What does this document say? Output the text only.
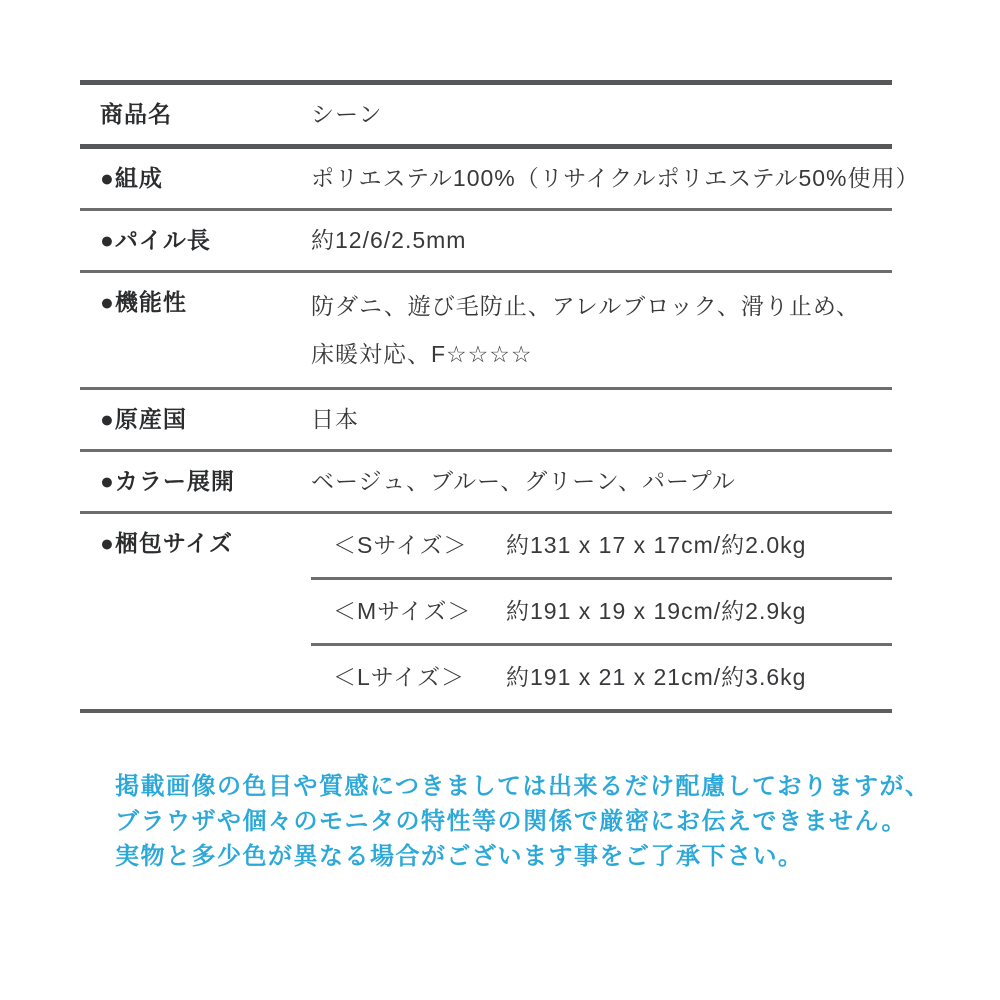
商品名	シーン
●組成	ポリエステル100%（リサイクルポリエステル50%使用）
●パイル長	約12/6/2.5mm
●機能性	防ダニ、遊び毛防止、アレルブロック、滑り止め、
床暖対応、F☆☆☆☆
●原産国	日本
●カラー展開	ベージュ、ブルー、グリーン、パープル
●梱包サイズ	＜Sサイズ＞	約131 x 17 x 17cm/約2.0kg
＜Mサイズ＞	約191 x 19 x 19cm/約2.9kg
＜Lサイズ＞	約191 x 21 x 21cm/約3.6kg
掲載画像の色目や質感につきましては出来るだけ配慮しておりますが、
ブラウザや個々のモニタの特性等の関係で厳密にお伝えできません。
実物と多少色が異なる場合がございます事をご了承下さい。
